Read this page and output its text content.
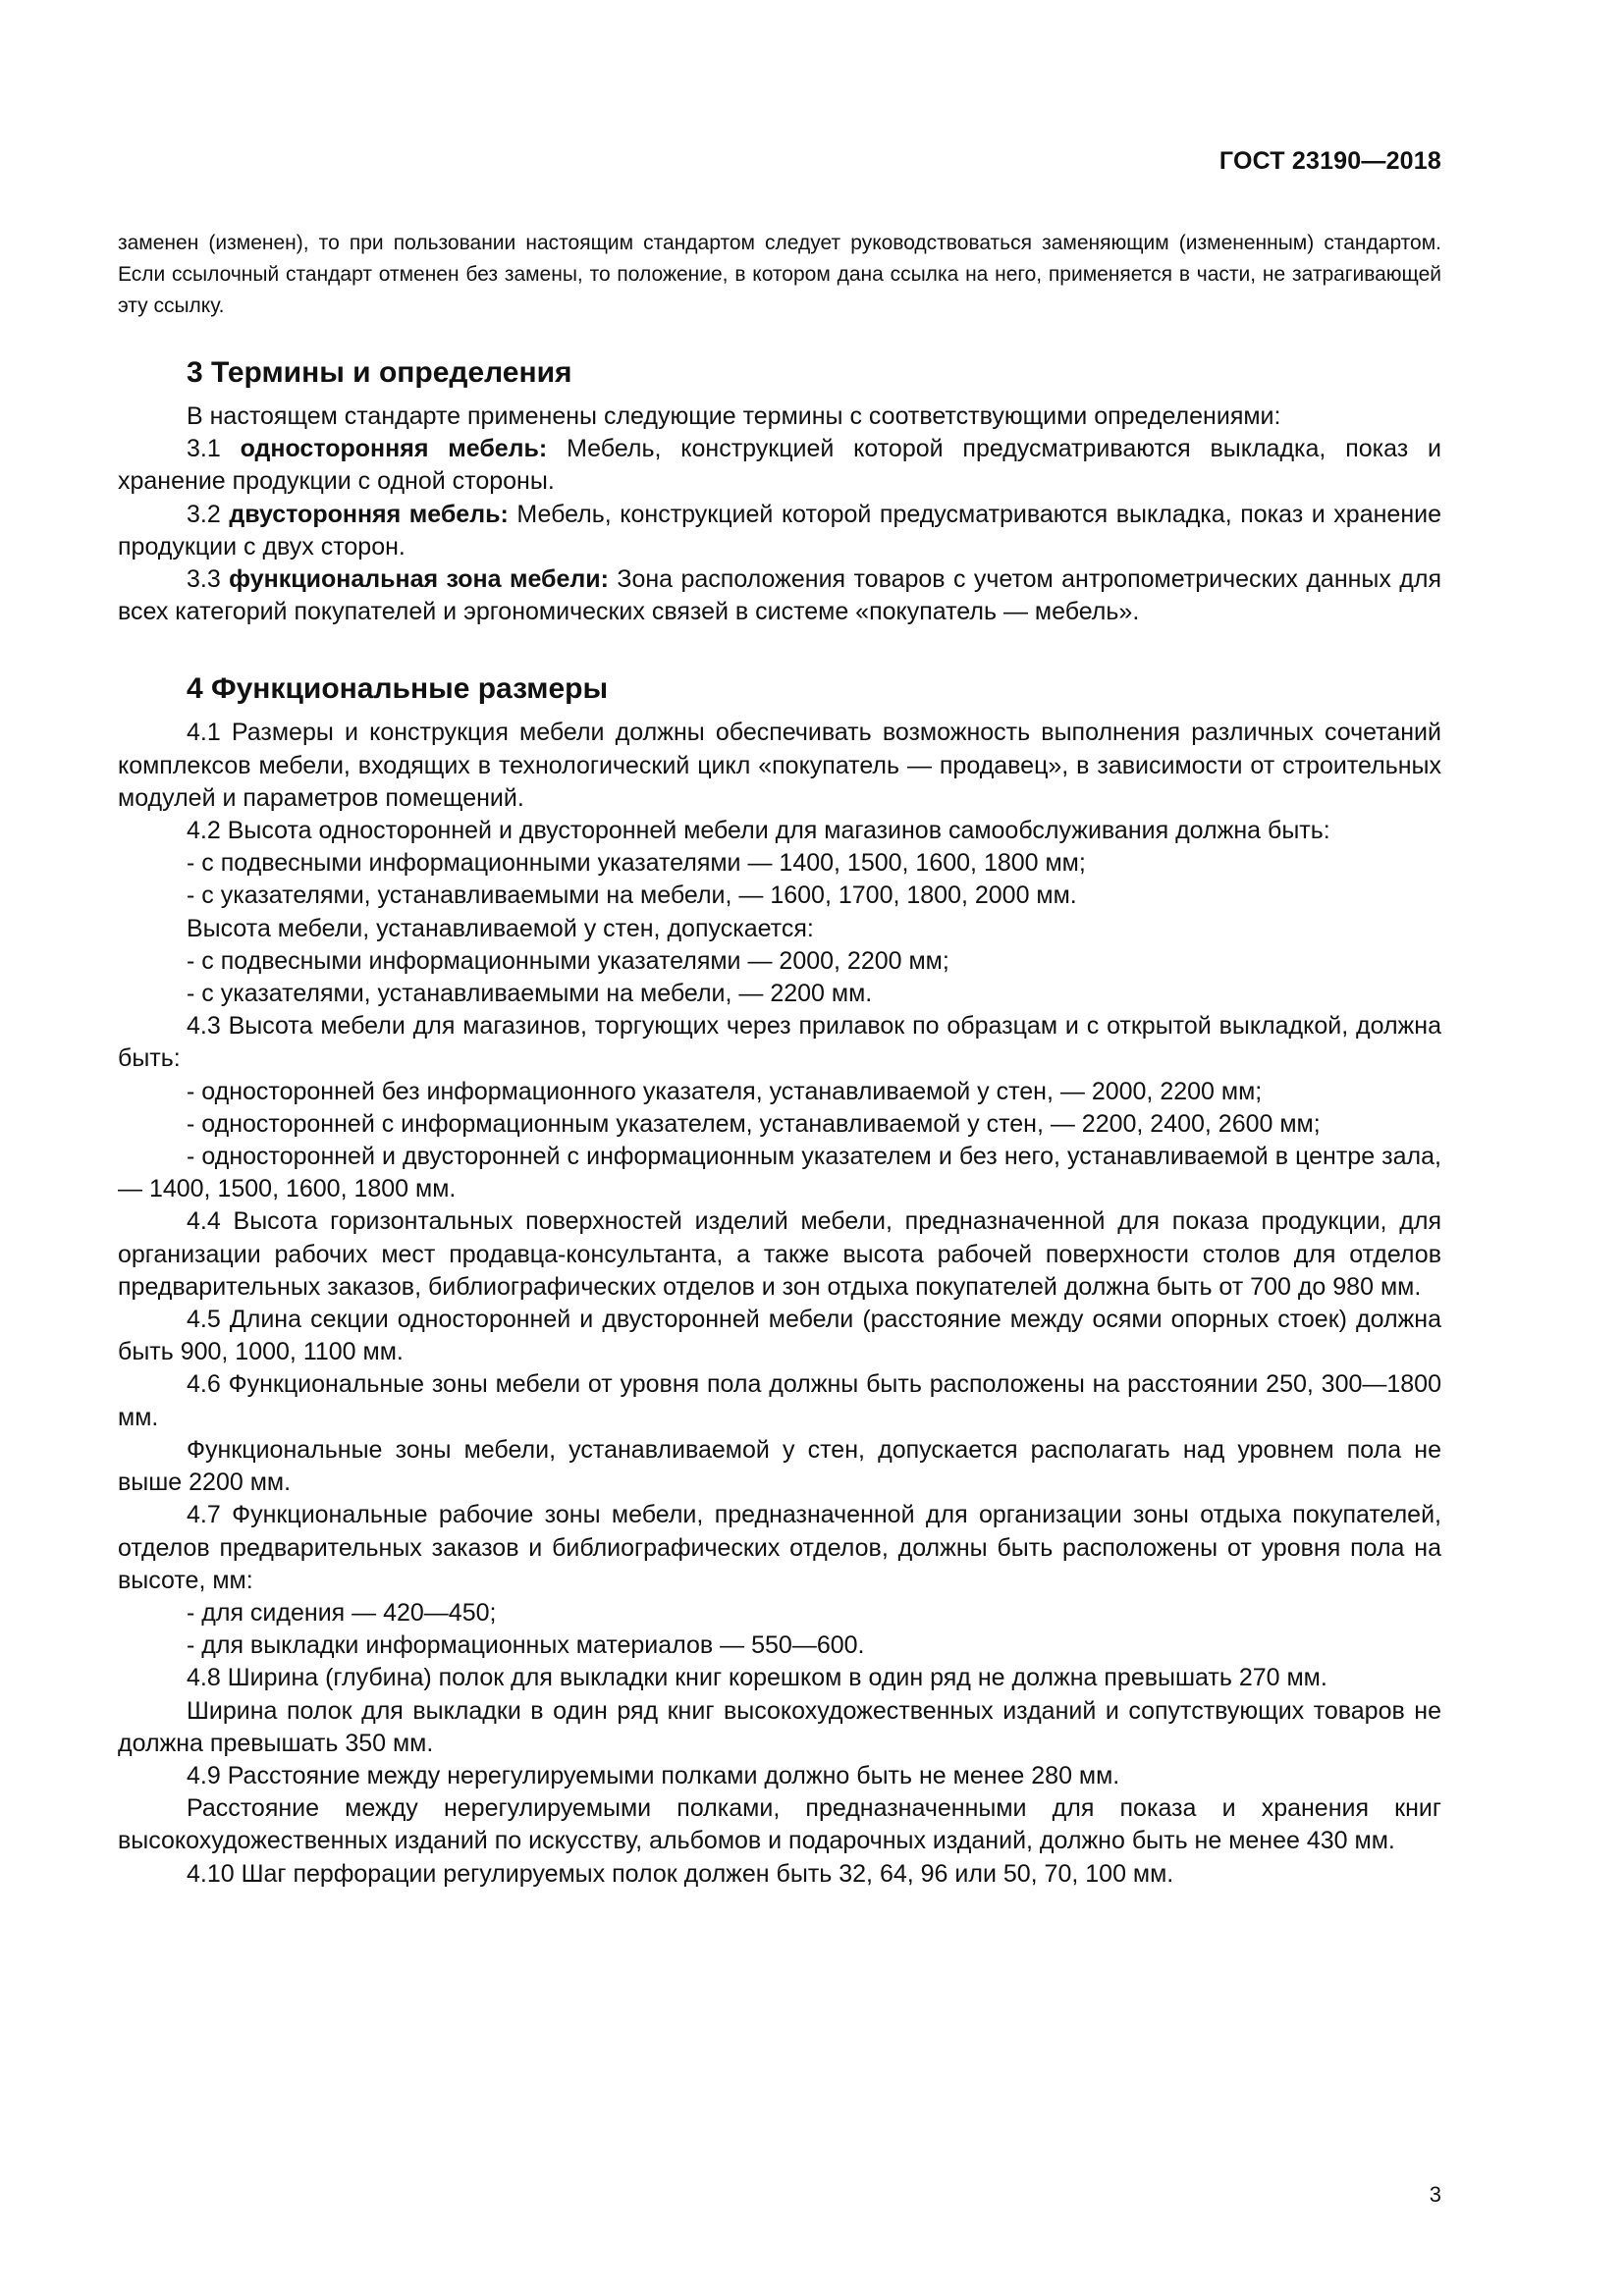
ГОСТ 23190—2018

заменен (изменен), то при пользовании настоящим стандартом следует руководствоваться заменяющим (измененным) стандартом. Если ссылочный стандарт отменен без замены, то положение, в котором дана ссылка на него, применяется в части, не затрагивающей эту ссылку.

3 Термины и определения

В настоящем стандарте применены следующие термины с соответствующими определениями:

3.1 односторонняя мебель: Мебель, конструкцией которой предусматриваются выкладка, показ и хранение продукции с одной стороны.

3.2 двусторонняя мебель: Мебель, конструкцией которой предусматриваются выкладка, показ и хранение продукции с двух сторон.

3.3 функциональная зона мебели: Зона расположения товаров с учетом антропометрических данных для всех категорий покупателей и эргономических связей в системе «покупатель — мебель».

4 Функциональные размеры

4.1 Размеры и конструкция мебели должны обеспечивать возможность выполнения различных сочетаний комплексов мебели, входящих в технологический цикл «покупатель — продавец», в зависимости от строительных модулей и параметров помещений.

4.2 Высота односторонней и двусторонней мебели для магазинов самообслуживания должна быть:

- с подвесными информационными указателями — 1400, 1500, 1600, 1800 мм;

- с указателями, устанавливаемыми на мебели, — 1600, 1700, 1800, 2000 мм.

Высота мебели, устанавливаемой у стен, допускается:

- с подвесными информационными указателями — 2000, 2200 мм;

- с указателями, устанавливаемыми на мебели, — 2200 мм.

4.3 Высота мебели для магазинов, торгующих через прилавок по образцам и с открытой выкладкой, должна быть:

- односторонней без информационного указателя, устанавливаемой у стен, — 2000, 2200 мм;

- односторонней с информационным указателем, устанавливаемой у стен, — 2200, 2400, 2600 мм;

- односторонней и двусторонней с информационным указателем и без него, устанавливаемой в центре зала, — 1400, 1500, 1600, 1800 мм.

4.4 Высота горизонтальных поверхностей изделий мебели, предназначенной для показа продукции, для организации рабочих мест продавца-консультанта, а также высота рабочей поверхности столов для отделов предварительных заказов, библиографических отделов и зон отдыха покупателей должна быть от 700 до 980 мм.

4.5 Длина секции односторонней и двусторонней мебели (расстояние между осями опорных стоек) должна быть 900, 1000, 1100 мм.

4.6 Функциональные зоны мебели от уровня пола должны быть расположены на расстоянии 250, 300—1800 мм.

Функциональные зоны мебели, устанавливаемой у стен, допускается располагать над уровнем пола не выше 2200 мм.

4.7 Функциональные рабочие зоны мебели, предназначенной для организации зоны отдыха покупателей, отделов предварительных заказов и библиографических отделов, должны быть расположены от уровня пола на высоте, мм:

- для сидения — 420—450;

- для выкладки информационных материалов — 550—600.

4.8 Ширина (глубина) полок для выкладки книг корешком в один ряд не должна превышать 270 мм.

Ширина полок для выкладки в один ряд книг высокохудожественных изданий и сопутствующих товаров не должна превышать 350 мм.

4.9 Расстояние между нерегулируемыми полками должно быть не менее 280 мм.

Расстояние между нерегулируемыми полками, предназначенными для показа и хранения книг высокохудожественных изданий по искусству, альбомов и подарочных изданий, должно быть не менее 430 мм.

4.10 Шаг перфорации регулируемых полок должен быть 32, 64, 96 или 50, 70, 100 мм.

3
